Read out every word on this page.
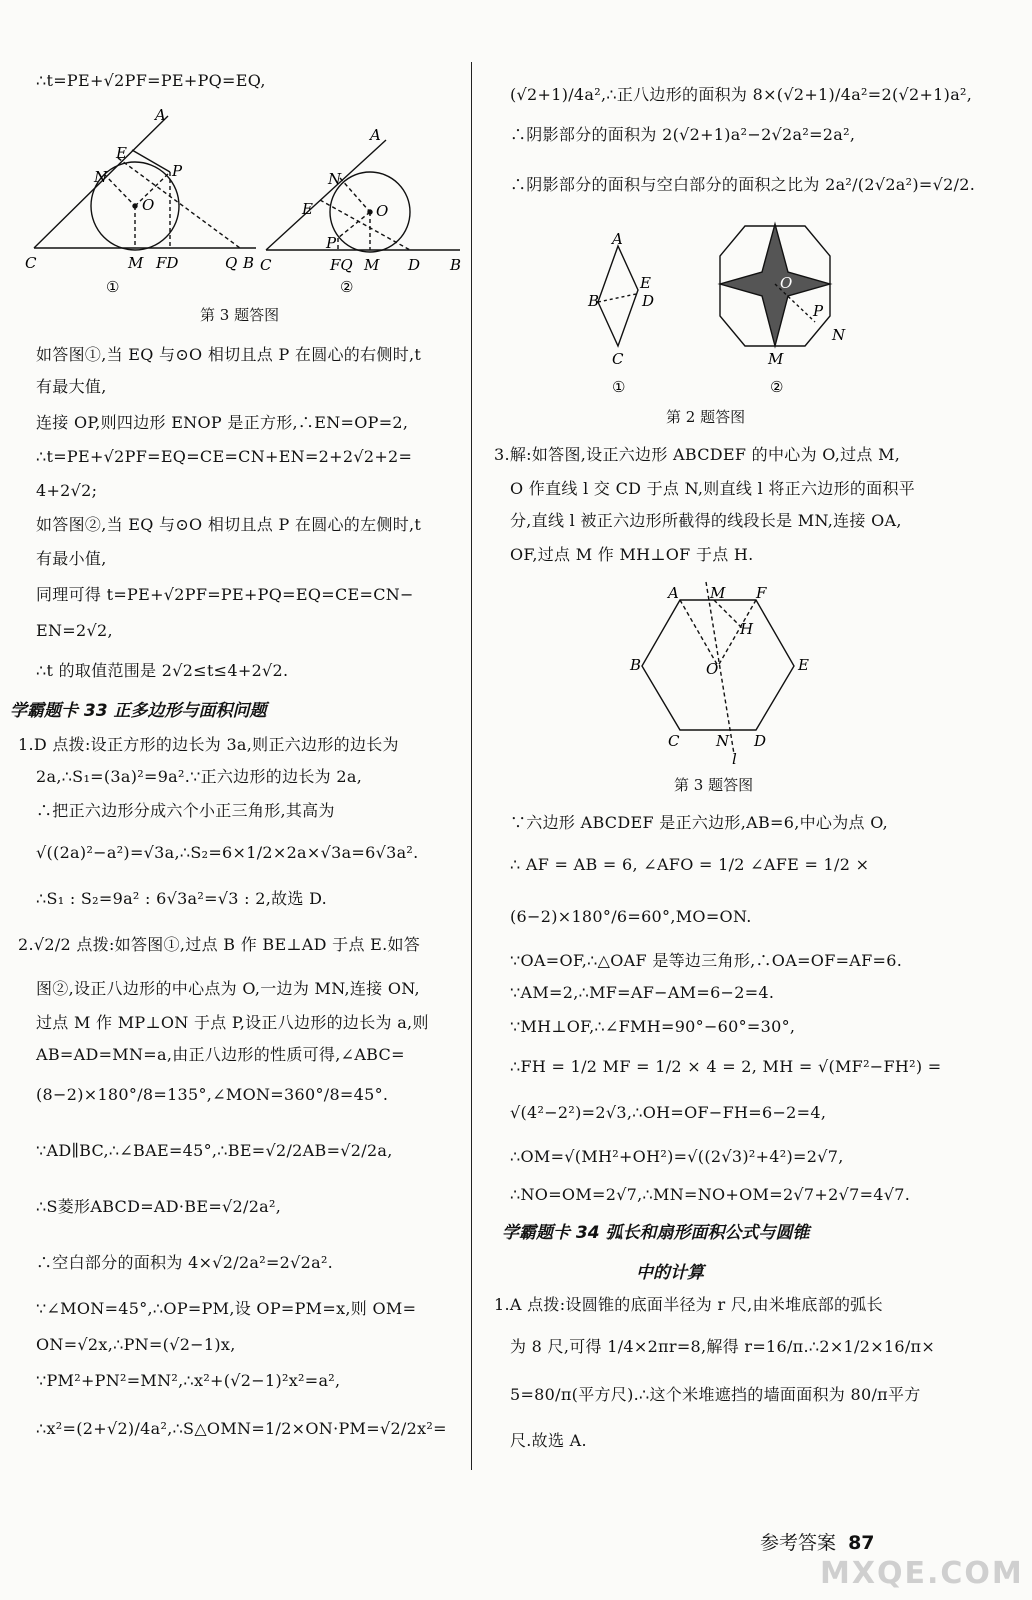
∴t=PE+√2PF=PE+PQ=EQ,
A
E
N	P
O
C	M FD	Q B
①
A
N
E
P
O
C	FQ M D B
②
第 3 题答图
如答图①,当 EQ 与⊙O 相切且点 P 在圆心的右侧时,t
有最大值,
连接 OP,则四边形 ENOP 是正方形,∴EN=OP=2,
∴t=PE+√2PF=EQ=CE=CN+EN=2+2√2+2=
4+2√2;
如答图②,当 EQ 与⊙O 相切且点 P 在圆心的左侧时,t
有最小值,
同理可得 t=PE+√2PF=PE+PQ=EQ=CE=CN−
EN=2√2,
∴t 的取值范围是 2√2≤t≤4+2√2.
学霸题卡 33 正多边形与面积问题
1.D 点拨:设正方形的边长为 3a,则正六边形的边长为
2a,∴S₁=(3a)²=9a².∵正六边形的边长为 2a,
∴把正六边形分成六个小正三角形,其高为
√((2a)²−a²)=√3a,∴S₂=6×1/2×2a×√3a=6√3a².
∴S₁ : S₂=9a² : 6√3a²=√3 : 2,故选 D.
2.√2/2 点拨:如答图①,过点 B 作 BE⊥AD 于点 E.如答
图②,设正八边形的中心点为 O,一边为 MN,连接 ON,
过点 M 作 MP⊥ON 于点 P,设正八边形的边长为 a,则
AB=AD=MN=a,由正八边形的性质可得,∠ABC=
(8−2)×180°/8=135°,∠MON=360°/8=45°.
∵AD∥BC,∴∠BAE=45°,∴BE=√2/2AB=√2/2a,
∴S菱形ABCD=AD·BE=√2/2a²,
∴空白部分的面积为 4×√2/2a²=2√2a².
∵∠MON=45°,∴OP=PM,设 OP=PM=x,则 OM=
ON=√2x,∴PN=(√2−1)x,
∵PM²+PN²=MN²,∴x²+(√2−1)²x²=a²,
∴x²=(2+√2)/4a²,∴S△OMN=1/2×ON·PM=√2/2x²=
(√2+1)/4a²,∴正八边形的面积为 8×(√2+1)/4a²=2(√2+1)a²,
∴阴影部分的面积为 2(√2+1)a²−2√2a²=2a²,
∴阴影部分的面积与空白部分的面积之比为 2a²/(2√2a²)=√2/2.
A
B
E
D
C
①
O
P
N
M
②
第 2 题答图
3.解:如答图,设正六边形 ABCDEF 的中心为 O,过点 M,
O 作直线 l 交 CD 于点 N,则直线 l 将正六边形的面积平
分,直线 l 被正六边形所截得的线段长是 MN,连接 OA,
OF,过点 M 作 MH⊥OF 于点 H.
A M F
H
B	O	E
C N D
l
第 3 题答图
∵六边形 ABCDEF 是正六边形,AB=6,中心为点 O,
∴ AF = AB = 6, ∠AFO = 1/2 ∠AFE = 1/2 ×
(6−2)×180°/6=60°,MO=ON.
∵OA=OF,∴△OAF 是等边三角形,∴OA=OF=AF=6.
∵AM=2,∴MF=AF−AM=6−2=4.
∵MH⊥OF,∴∠FMH=90°−60°=30°,
∴FH = 1/2 MF = 1/2 × 4 = 2, MH = √(MF²−FH²) =
√(4²−2²)=2√3,∴OH=OF−FH=6−2=4,
∴OM=√(MH²+OH²)=√((2√3)²+4²)=2√7,
∴NO=OM=2√7,∴MN=NO+OM=2√7+2√7=4√7.
学霸题卡 34 弧长和扇形面积公式与圆锥
中的计算
1.A 点拨:设圆锥的底面半径为 r 尺,由米堆底部的弧长
为 8 尺,可得 1/4×2πr=8,解得 r=16/π.∴2×1/2×16/π×
5=80/π(平方尺).∴这个米堆遮挡的墙面面积为 80/π平方
尺.故选 A.
参考答案 87
MXQE.COM
